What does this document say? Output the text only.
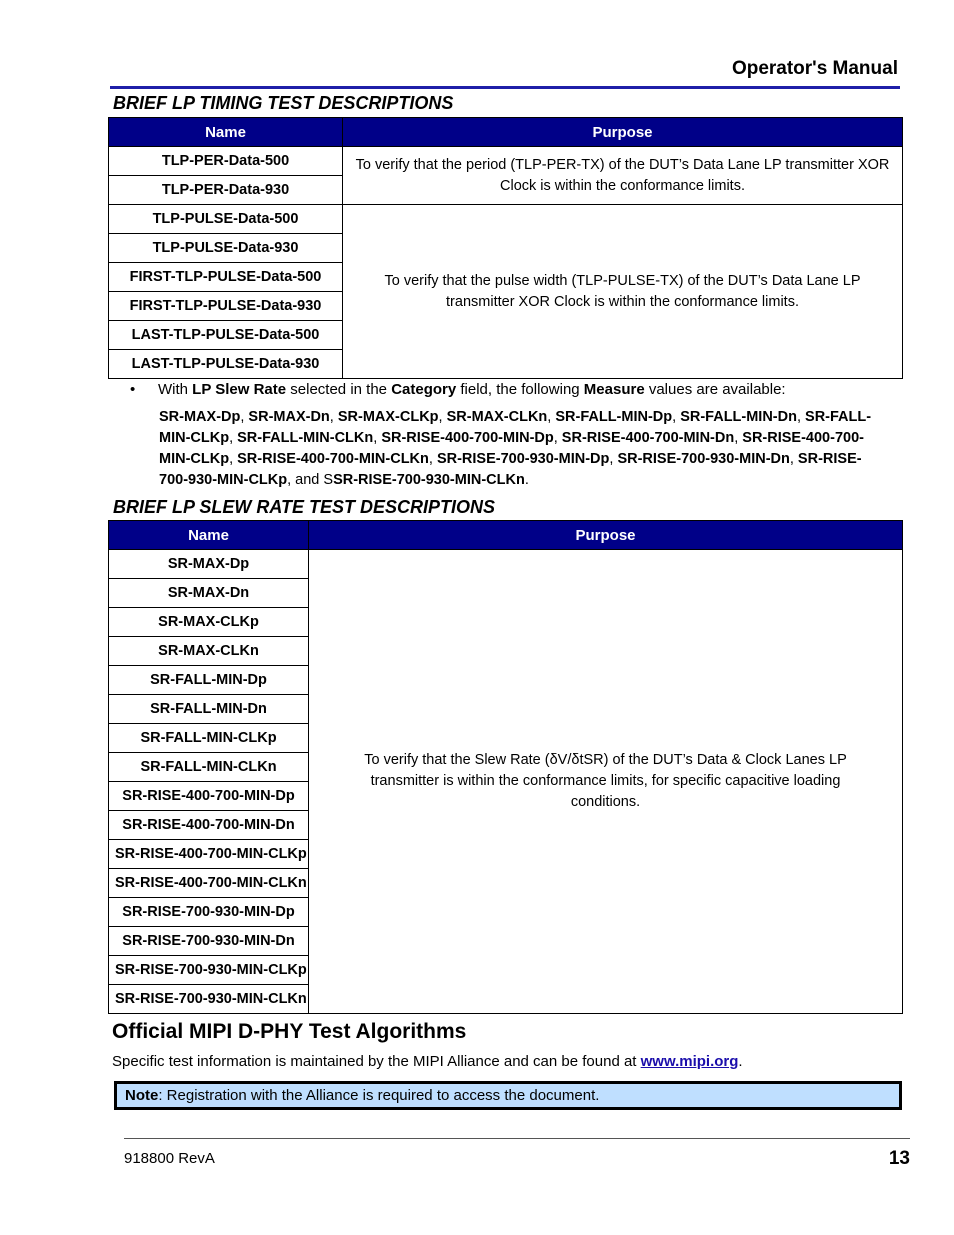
Operator's Manual
BRIEF LP TIMING TEST DESCRIPTIONS
Name	Purpose
TLP-PER-Data-500	To verify that the period (TLP-PER-TX) of the DUT’s Data Lane LP transmitter XOR Clock is within the conformance limits.
TLP-PER-Data-930	
TLP-PULSE-Data-500	To verify that the pulse width (TLP-PULSE-TX) of the DUT’s Data Lane LP transmitter XOR Clock is within the conformance limits.
TLP-PULSE-Data-930	
FIRST-TLP-PULSE-Data-500	
FIRST-TLP-PULSE-Data-930	
LAST-TLP-PULSE-Data-500	
LAST-TLP-PULSE-Data-930	
• With LP Slew Rate selected in the Category field, the following Measure values are available:
SR-MAX-Dp, SR-MAX-Dn, SR-MAX-CLKp, SR-MAX-CLKn, SR-FALL-MIN-Dp, SR-FALL-MIN-Dn, SR-FALL-MIN-CLKp, SR-FALL-MIN-CLKn, SR-RISE-400-700-MIN-Dp, SR-RISE-400-700-MIN-Dn, SR-RISE-400-700-MIN-CLKp, SR-RISE-400-700-MIN-CLKn, SR-RISE-700-930-MIN-Dp, SR-RISE-700-930-MIN-Dn, SR-RISE-700-930-MIN-CLKp, and SSR-RISE-700-930-MIN-CLKn.
BRIEF LP SLEW RATE TEST DESCRIPTIONS
Name	Purpose
SR-MAX-Dp	To verify that the Slew Rate (δV/δtSR) of the DUT’s Data & Clock Lanes LP transmitter is within the conformance limits, for specific capacitive loading conditions.
SR-MAX-Dn	
SR-MAX-CLKp	
SR-MAX-CLKn	
SR-FALL-MIN-Dp	
SR-FALL-MIN-Dn	
SR-FALL-MIN-CLKp	
SR-FALL-MIN-CLKn	
SR-RISE-400-700-MIN-Dp	
SR-RISE-400-700-MIN-Dn	
SR-RISE-400-700-MIN-CLKp	
SR-RISE-400-700-MIN-CLKn	
SR-RISE-700-930-MIN-Dp	
SR-RISE-700-930-MIN-Dn	
SR-RISE-700-930-MIN-CLKp	
SR-RISE-700-930-MIN-CLKn	
Official MIPI D-PHY Test Algorithms
Specific test information is maintained by the MIPI Alliance and can be found at www.mipi.org.
Note: Registration with the Alliance is required to access the document.
918800 RevA	13
